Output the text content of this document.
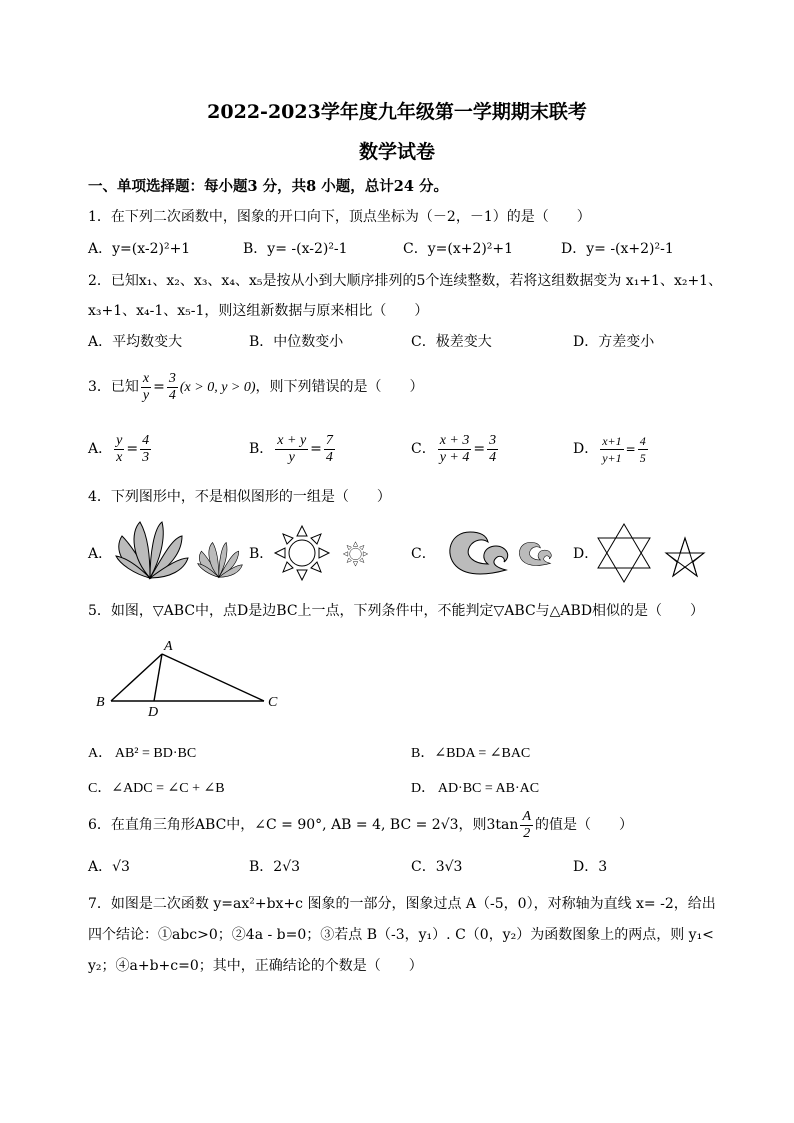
2022-2023学年度九年级第一学期期末联考
数学试卷
一、单项选择题：每小题3 分，共8 小题，总计24 分。
1．在下列二次函数中，图象的开口向下，顶点坐标为（－2，－1）的是（　　）
A．y=(x-2)²+1	B．y= -(x-2)²-1	C．y=(x+2)²+1	D．y= -(x+2)²-1
2．已知x₁、x₂、x₃、x₄、x₅是按从小到大顺序排列的5个连续整数，若将这组数据变为 x₁+1、x₂+1、
x₃+1、x₄-1、x₅-1，则这组新数据与原来相比（　　）
A．平均数变大	B．中位数变小	C．极差变大	D．方差变小
3．已知 $\frac{x}{y} = \frac{3}{4} (x > 0$, y > 0)，则下列错误的是（　　）
A． $\frac{y}{x} = \frac{4}{3}$	B． $\frac{x + y}{y} = \frac{7}{4}$	C． $\frac{x + 3}{y + 4} = \frac{3}{4}$	D． $\frac{x+1}{y+1} = \frac{4}{5}$
4．下列图形中，不是相似图形的一组是（　　）
A．	B．	C．	D．
5．如图，▽ABC中，点D是边BC上一点，下列条件中，不能判定▽ABC与△ABD相似的是（　　）
A
B	C
D
A． AB² = BD·BC	B．∠BDA = ∠BAC
C．∠ADC = ∠C + ∠B	D． AD·BC = AB·AC
6．在直角三角形ABC中，∠C = 90°, AB = 4, BC = 2√3，则$3\tan \frac{A}{2}$ 的值是（　　）
A．√3	B．2√3	C．3√3	D．3
7．如图是二次函数 y=ax²+bx+c 图象的一部分，图象过点 A（-5，0），对称轴为直线 x= -2，给出
四个结论：①abc>0；②4a - b=0；③若点 B（-3，y₁）. C（0，y₂）为函数图象上的两点，则 y₁<
y₂；④a+b+c=0；其中，正确结论的个数是（　　）
